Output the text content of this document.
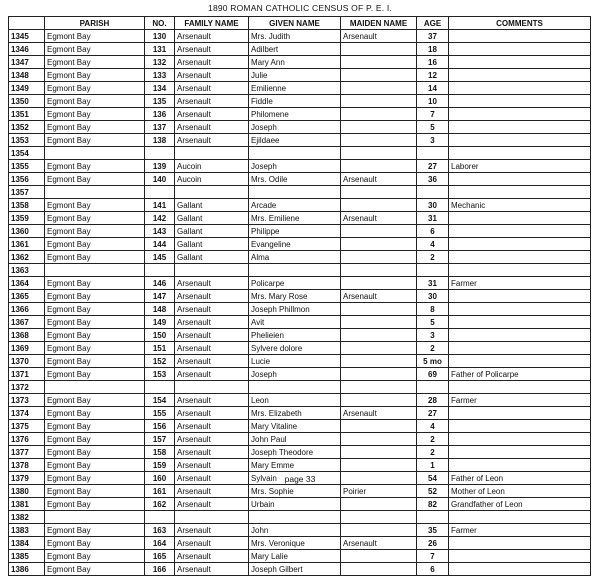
1890 ROMAN CATHOLIC CENSUS OF P. E. I.
	PARISH	NO.	FAMILY NAME	GIVEN NAME	MAIDEN NAME	AGE	COMMENTS
1345	Egmont Bay	130	Arsenault	Mrs. Judith	Arsenault	37	
1346	Egmont Bay	131	Arsenault	Adilbert		18	
1347	Egmont Bay	132	Arsenault	Mary Ann		16	
1348	Egmont Bay	133	Arsenault	Julie		12	
1349	Egmont Bay	134	Arsenault	Emilienne		14	
1350	Egmont Bay	135	Arsenault	Fiddle		10	
1351	Egmont Bay	136	Arsenault	Philomene		7	
1352	Egmont Bay	137	Arsenault	Joseph		5	
1353	Egmont Bay	138	Arsenault	Ejildaee		3	
1354							
1355	Egmont Bay	139	Aucoin	Joseph		27	Laborer
1356	Egmont Bay	140	Aucoin	Mrs. Odile	Arsenault	36	
1357							
1358	Egmont Bay	141	Gallant	Arcade		30	Mechanic
1359	Egmont Bay	142	Gallant	Mrs. Emiliene	Arsenault	31	
1360	Egmont Bay	143	Gallant	Philippe		6	
1361	Egmont Bay	144	Gallant	Evangeline		4	
1362	Egmont Bay	145	Gallant	Alma		2	
1363							
1364	Egmont Bay	146	Arsenault	Policarpe		31	Farmer
1365	Egmont Bay	147	Arsenault	Mrs. Mary Rose	Arsenault	30	
1366	Egmont Bay	148	Arsenault	Joseph Phillmon		8	
1367	Egmont Bay	149	Arsenault	Avit		5	
1368	Egmont Bay	150	Arsenault	Phelieien		3	
1369	Egmont Bay	151	Arsenault	Sylvere dolore		2	
1370	Egmont Bay	152	Arsenault	Lucie		5 mo	
1371	Egmont Bay	153	Arsenault	Joseph		69	Father of Policarpe
1372							
1373	Egmont Bay	154	Arsenault	Leon		28	Farmer
1374	Egmont Bay	155	Arsenault	Mrs. Elizabeth	Arsenault	27	
1375	Egmont Bay	156	Arsenault	Mary Vitaline		4	
1376	Egmont Bay	157	Arsenault	John Paul		2	
1377	Egmont Bay	158	Arsenault	Joseph Theodore		2	
1378	Egmont Bay	159	Arsenault	Mary Emme		1	
1379	Egmont Bay	160	Arsenault	Sylvain		54	Father of Leon
1380	Egmont Bay	161	Arsenault	Mrs. Sophie	Poirier	52	Mother of Leon
1381	Egmont Bay	162	Arsenault	Urbain		82	Grandfather of Leon
1382							
1383	Egmont Bay	163	Arsenault	John		35	Farmer
1384	Egmont Bay	164	Arsenault	Mrs. Veronique	Arsenault	26	
1385	Egmont Bay	165	Arsenault	Mary Lalie		7	
1386	Egmont Bay	166	Arsenault	Joseph Gilbert		6	
page 33
